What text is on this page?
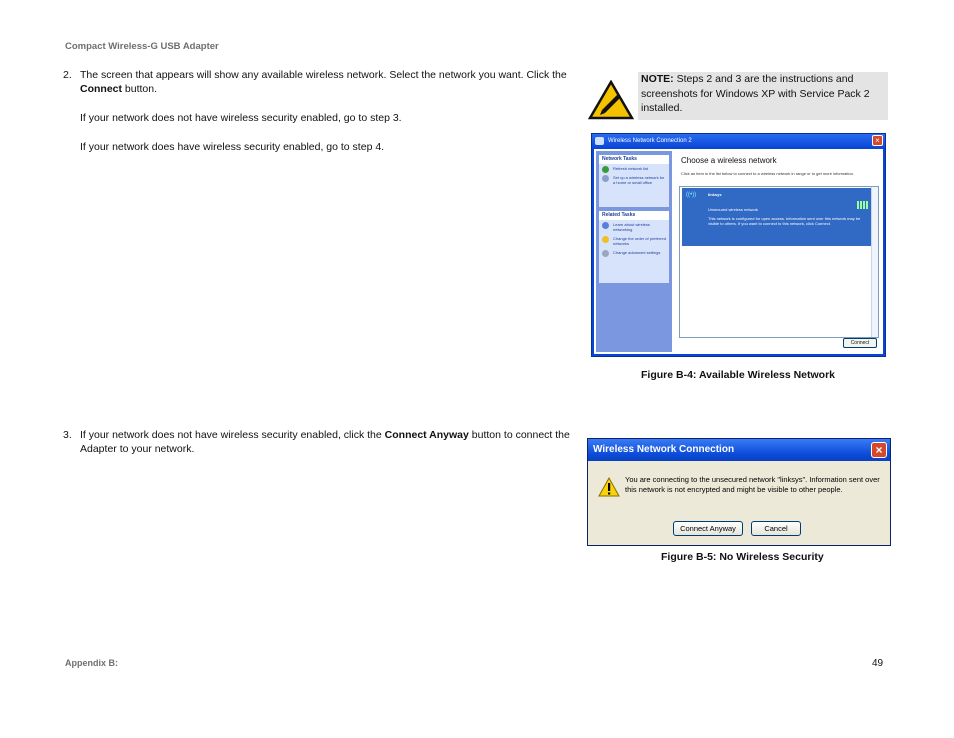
Compact Wireless-G USB Adapter
2. The screen that appears will show any available wireless network. Select the network you want. Click the Connect button.

If your network does not have wireless security enabled, go to step 3.

If your network does have wireless security enabled, go to step 4.

NOTE: Steps 2 and 3 are the instructions and screenshots for Windows XP with Service Pack 2 installed.
Wireless Network Connection 2	×
Network Tasks
Refresh network list
Set up a wireless network for a home or small office
Related Tasks
Learn about wireless networking
Change the order of preferred networks
Change advanced settings
Choose a wireless network
Click an item in the list below to connect to a wireless network in range or to get more information.
((•))	linksys
Unsecured wireless network
This network is configured for open access. Information sent over this network may be visible to others. If you want to connect to this network, click Connect.
Connect
Figure B-4: Available Wireless Network
3. If your network does not have wireless security enabled, click the Connect Anyway button to connect the Adapter to your network.	Wireless Network Connection	×
You are connecting to the unsecured network "linksys". Information sent over this network is not encrypted and might be visible to other people.
Connect Anyway	Cancel
Figure B-5: No Wireless Security
Appendix B:	49
